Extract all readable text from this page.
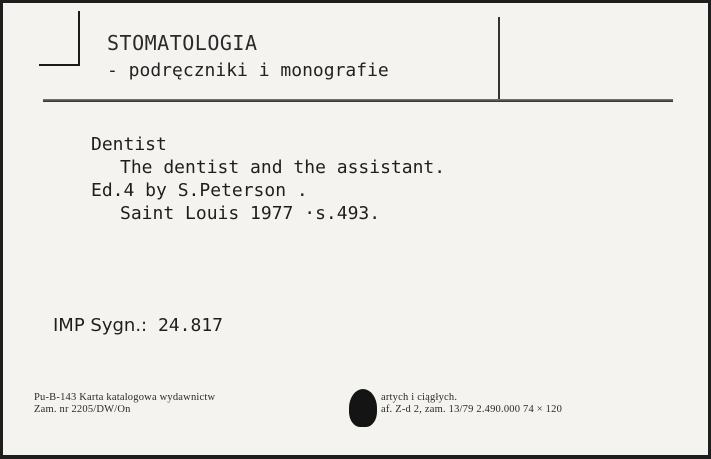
STOMATOLOGIA
- podręczniki i monografie
Dentist
The dentist and the assistant.
Ed.4 by S.Peterson .
Saint Louis 1977 ·s.493.
IMP Sygn.: 24.817
Pu-B-143 Karta katalogowa wydawnictw
Zam. nr 2205/DW/On
artych i ciągłych.
af. Z-d 2, zam. 13/79 2.490.000 74 × 120
